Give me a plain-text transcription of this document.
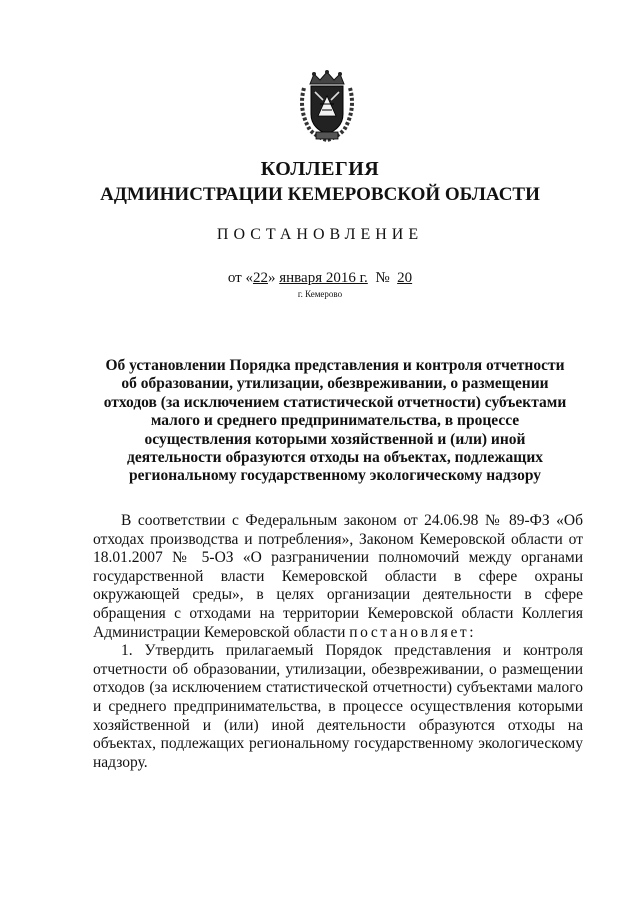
КОЛЛЕГИЯ
АДМИНИСТРАЦИИ КЕМЕРОВСКОЙ ОБЛАСТИ
ПОСТАНОВЛЕНИЕ
от «22» января 2016 г. № 20
г. Кемерово
Об установлении Порядка представления и контроля отчетности об образовании, утилизации, обезвреживании, о размещении отходов (за исключением статистической отчетности) субъектами малого и среднего предпринимательства, в процессе осуществления которыми хозяйственной и (или) иной деятельности образуются отходы на объектах, подлежащих региональному государственному экологическому надзору

В соответствии с Федеральным законом от 24.06.98 № 89-ФЗ «Об отходах производства и потребления», Законом Кемеровской области от 18.01.2007 № 5-ОЗ «О разграничении полномочий между органами государственной власти Кемеровской области в сфере охраны окружающей среды», в целях организации деятельности в сфере обращения с отходами на территории Кемеровской области Коллегия Администрации Кемеровской области постановляет:

1. Утвердить прилагаемый Порядок представления и контроля отчетности об образовании, утилизации, обезвреживании, о размещении отходов (за исключением статистической отчетности) субъектами малого и среднего предпринимательства, в процессе осуществления которыми хозяйственной и (или) иной деятельности образуются отходы на объектах, подлежащих региональному государственному экологическому надзору.
